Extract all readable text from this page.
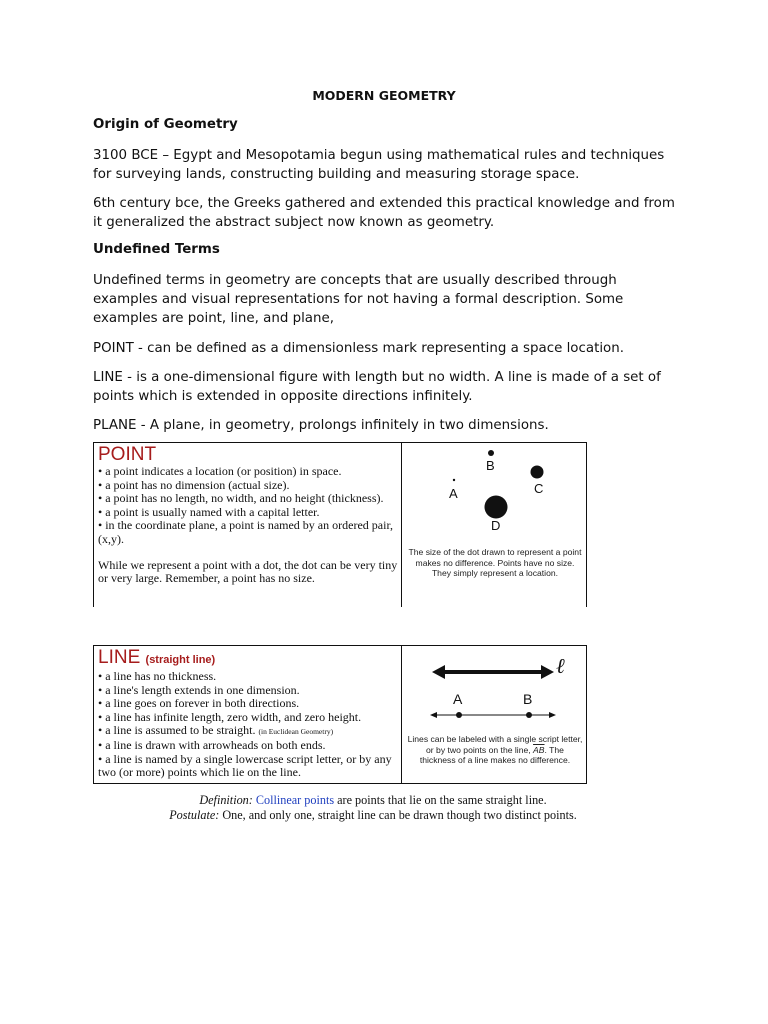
MODERN GEOMETRY
Origin of Geometry

3100 BCE – Egypt and Mesopotamia begun using mathematical rules and techniques for surveying lands, constructing building and measuring storage space.

6th century bce, the Greeks gathered and extended this practical knowledge and from it generalized the abstract subject now known as geometry.

Undefined Terms

Undefined terms in geometry are concepts that are usually described through examples and visual representations for not having a formal description. Some examples are point, line, and plane,

POINT - can be defined as a dimensionless mark representing a space location.

LINE - is a one-dimensional figure with length but no width. A line is made of a set of points which is extended in opposite directions infinitely.

PLANE - A plane, in geometry, prolongs infinitely in two dimensions.

POINT
• a point indicates a location (or position) in space.
• a point has no dimension (actual size).
• a point has no length, no width, and no height (thickness).
• a point is usually named with a capital letter.
• in the coordinate plane, a point is named by an ordered pair, (x,y).
While we represent a point with a dot, the dot can be very tiny or very large. Remember, a point has no size.
A
B
C
D
The size of the dot drawn to represent a point makes no difference. Points have no size. They simply represent a location.
LINE (straight line)
• a line has no thickness.
• a line's length extends in one dimension.
• a line goes on forever in both directions.
• a line has infinite length, zero width, and zero height.
• a line is assumed to be straight. (in Euclidean Geometry)
• a line is drawn with arrowheads on both ends.
• a line is named by a single lowercase script letter, or by any two (or more) points which lie on the line.
ℓ
A	B
Lines can be labeled with a single script letter, or by two points on the line, $\overline{AB}$. The thickness of a line makes no difference.
Definition: Collinear points are points that lie on the same straight line.
Postulate: One, and only one, straight line can be drawn though two distinct points.
